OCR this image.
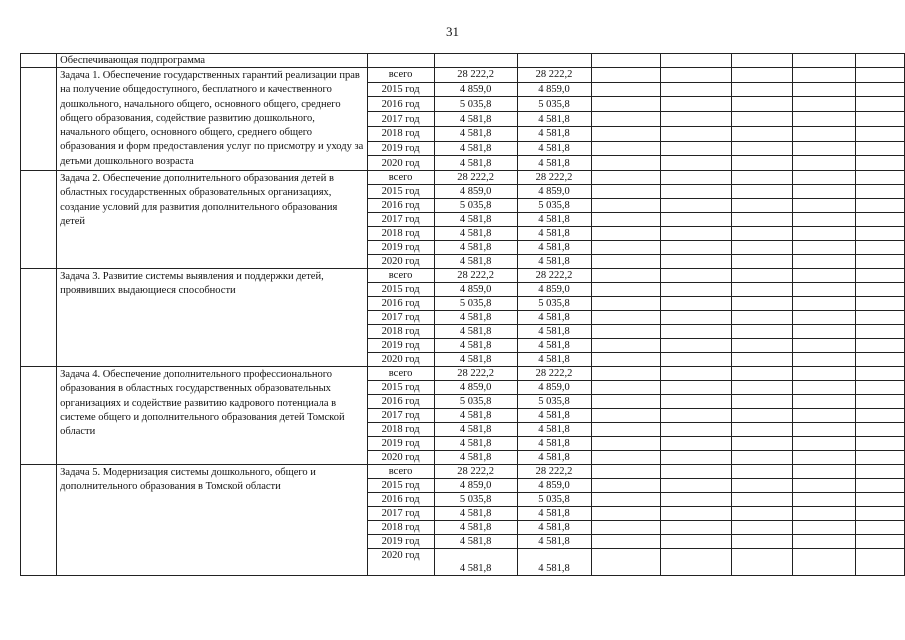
31
	Обеспечивающая подпрограмма								
	Задача 1. Обеспечение государственных гарантий реализации прав на получение общедоступного, бесплатного и качественного дошкольного, начального общего, основного общего, среднего общего образования, содействие развитию дошкольного, начального общего, основного общего, среднего общего образования и форм предоставления услуг по присмотру и уходу за детьми дошкольного возраста	всего	28 222,2	28 222,2					
		2015 год	4 859,0	4 859,0					
		2016 год	5 035,8	5 035,8					
		2017 год	4 581,8	4 581,8					
		2018 год	4 581,8	4 581,8					
		2019 год	4 581,8	4 581,8					
		2020 год	4 581,8	4 581,8					
	Задача 2. Обеспечение дополнительного образования детей в областных государственных образовательных организациях, создание условий для развития дополнительного образования детей	всего	28 222,2	28 222,2					
		2015 год	4 859,0	4 859,0					
		2016 год	5 035,8	5 035,8					
		2017 год	4 581,8	4 581,8					
		2018 год	4 581,8	4 581,8					
		2019 год	4 581,8	4 581,8					
		2020 год	4 581,8	4 581,8					
	Задача 3. Развитие системы выявления и поддержки детей, проявивших выдающиеся способности	всего	28 222,2	28 222,2					
		2015 год	4 859,0	4 859,0					
		2016 год	5 035,8	5 035,8					
		2017 год	4 581,8	4 581,8					
		2018 год	4 581,8	4 581,8					
		2019 год	4 581,8	4 581,8					
		2020 год	4 581,8	4 581,8					
	Задача 4. Обеспечение дополнительного профессионального образования в областных государственных образовательных организациях и содействие развитию кадрового потенциала в системе общего и дополнительного образования детей Томской области	всего	28 222,2	28 222,2					
		2015 год	4 859,0	4 859,0					
		2016 год	5 035,8	5 035,8					
		2017 год	4 581,8	4 581,8					
		2018 год	4 581,8	4 581,8					
		2019 год	4 581,8	4 581,8					
		2020 год	4 581,8	4 581,8					
	Задача 5. Модернизация системы дошкольного, общего и дополнительного образования в Томской области	всего	28 222,2	28 222,2					
		2015 год	4 859,0	4 859,0					
		2016 год	5 035,8	5 035,8					
		2017 год	4 581,8	4 581,8					
		2018 год	4 581,8	4 581,8					
		2019 год	4 581,8	4 581,8					
		2020 год	4 581,8	4 581,8					
